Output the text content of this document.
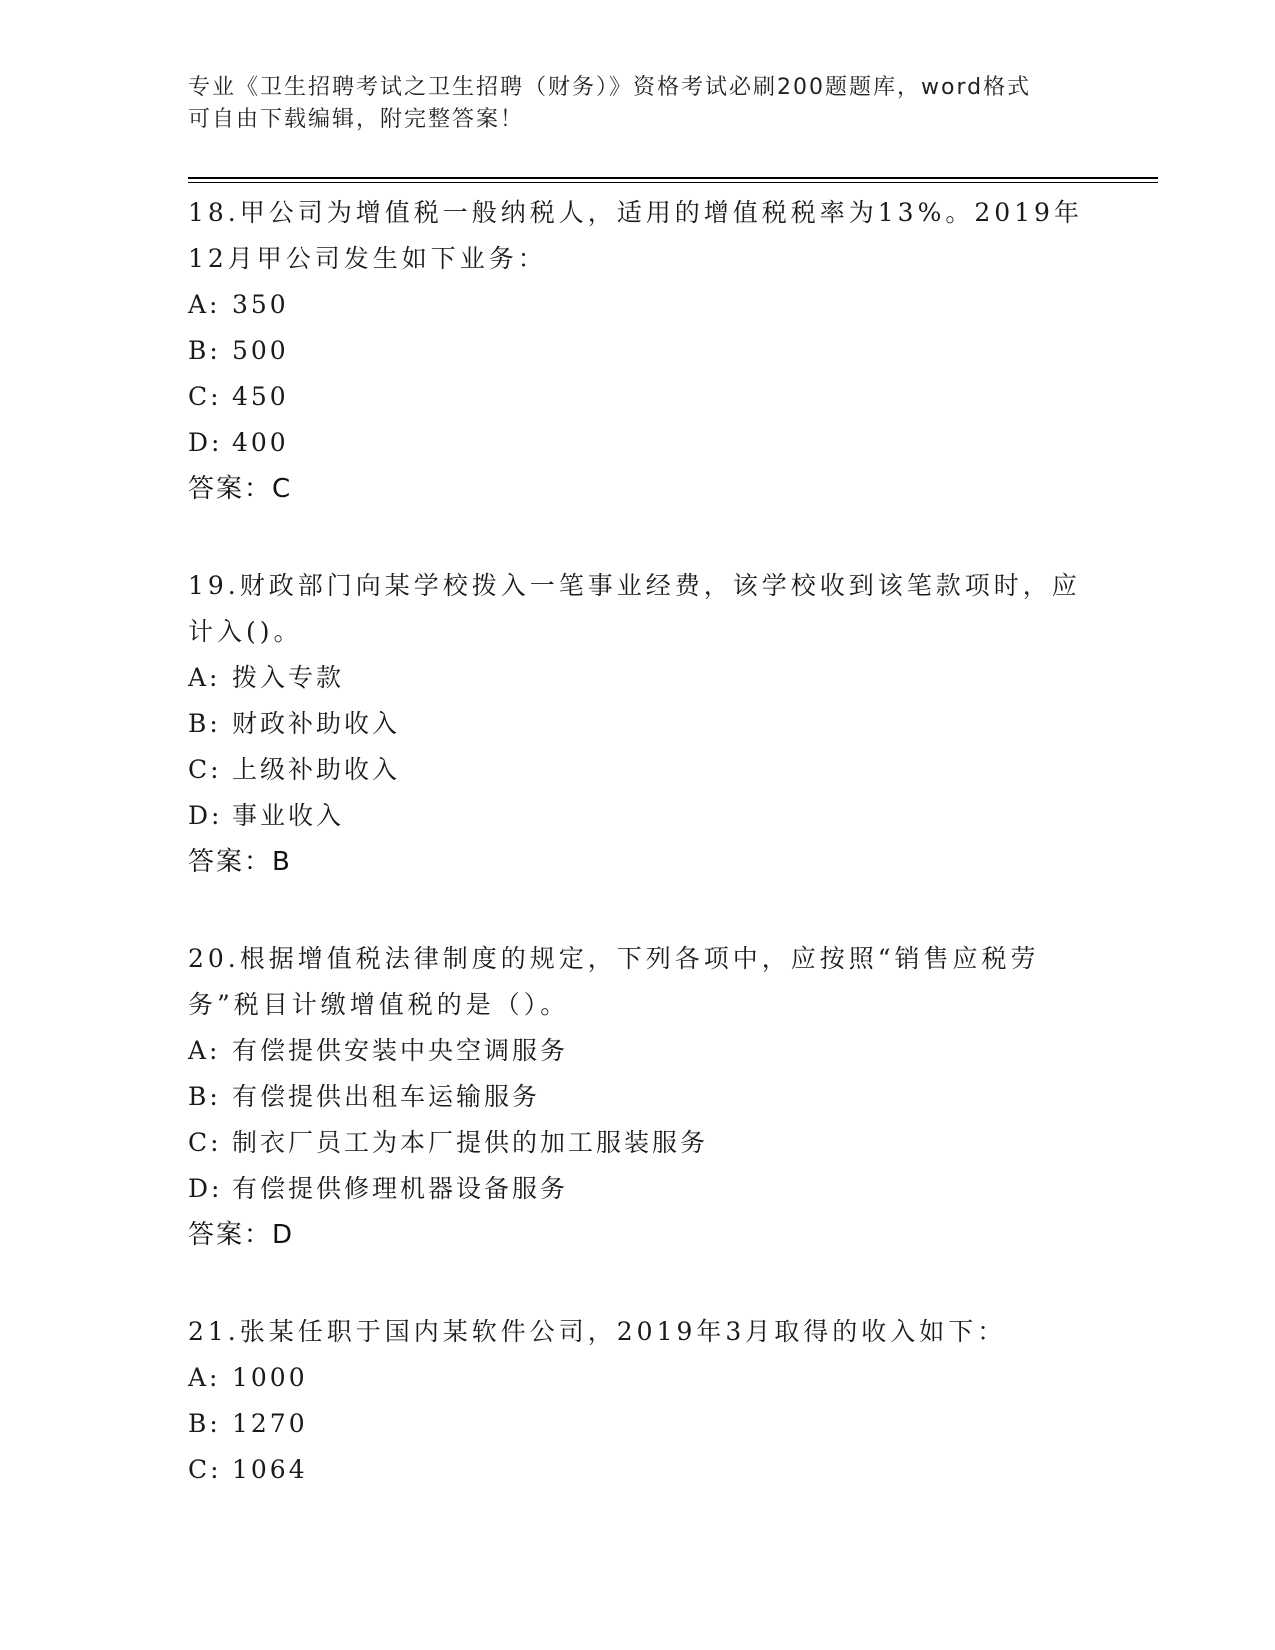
专业《卫生招聘考试之卫生招聘（财务）》资格考试必刷200题题库，word格式

可自由下载编辑，附完整答案！

18.甲公司为增值税一般纳税人，适用的增值税税率为13%。2019年12月甲公司发生如下业务：

A: 350

B: 500

C: 450

D: 400

答案：C

19.财政部门向某学校拨入一笔事业经费，该学校收到该笔款项时，应计入()。

A: 拨入专款

B: 财政补助收入

C: 上级补助收入

D: 事业收入

答案：B

20.根据增值税法律制度的规定，下列各项中，应按照“销售应税劳务”税目计缴增值税的是（）。

A: 有偿提供安装中央空调服务

B: 有偿提供出租车运输服务

C: 制衣厂员工为本厂提供的加工服装服务

D: 有偿提供修理机器设备服务

答案：D

21.张某任职于国内某软件公司，2019年3月取得的收入如下：

A: 1000

B: 1270

C: 1064
